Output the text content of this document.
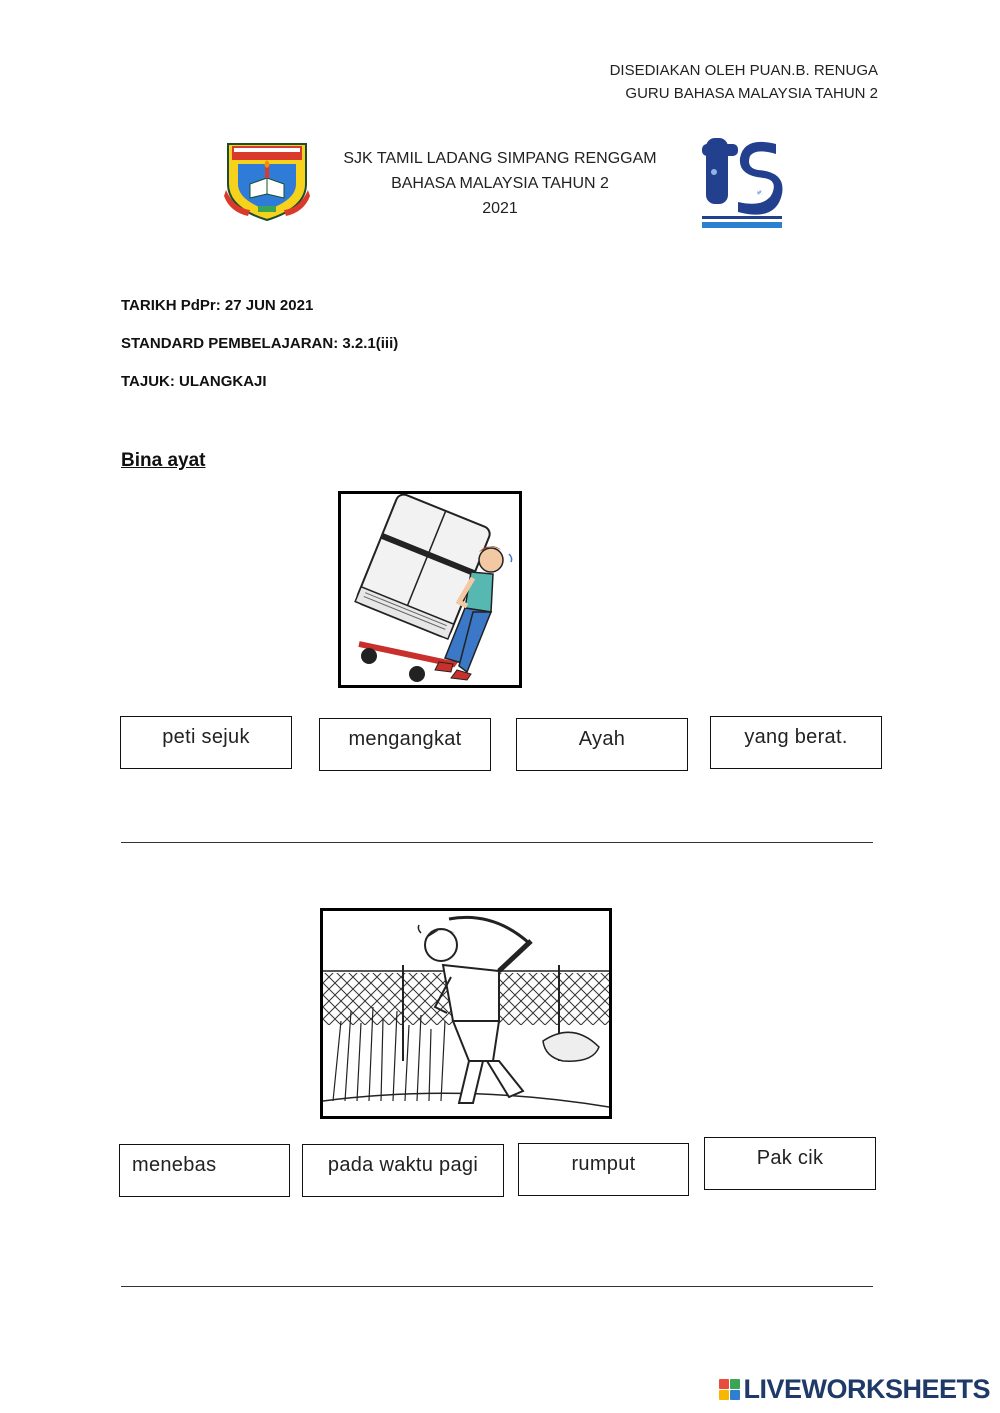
DISEDIAKAN OLEH PUAN.B. RENUGA
GURU BAHASA MALAYSIA TAHUN 2
SJK TAMIL LADANG SIMPANG RENGGAM
BAHASA MALAYSIA TAHUN 2
2021
25
TARIKH PdPr: 27 JUN 2021
STANDARD PEMBELAJARAN: 3.2.1(iii)
TAJUK: ULANGKAJI
Bina ayat
peti sejuk	mengangkat	Ayah	yang berat.
menebas	pada waktu pagi	rumput	Pak cik
LIVEWORKSHEETS
